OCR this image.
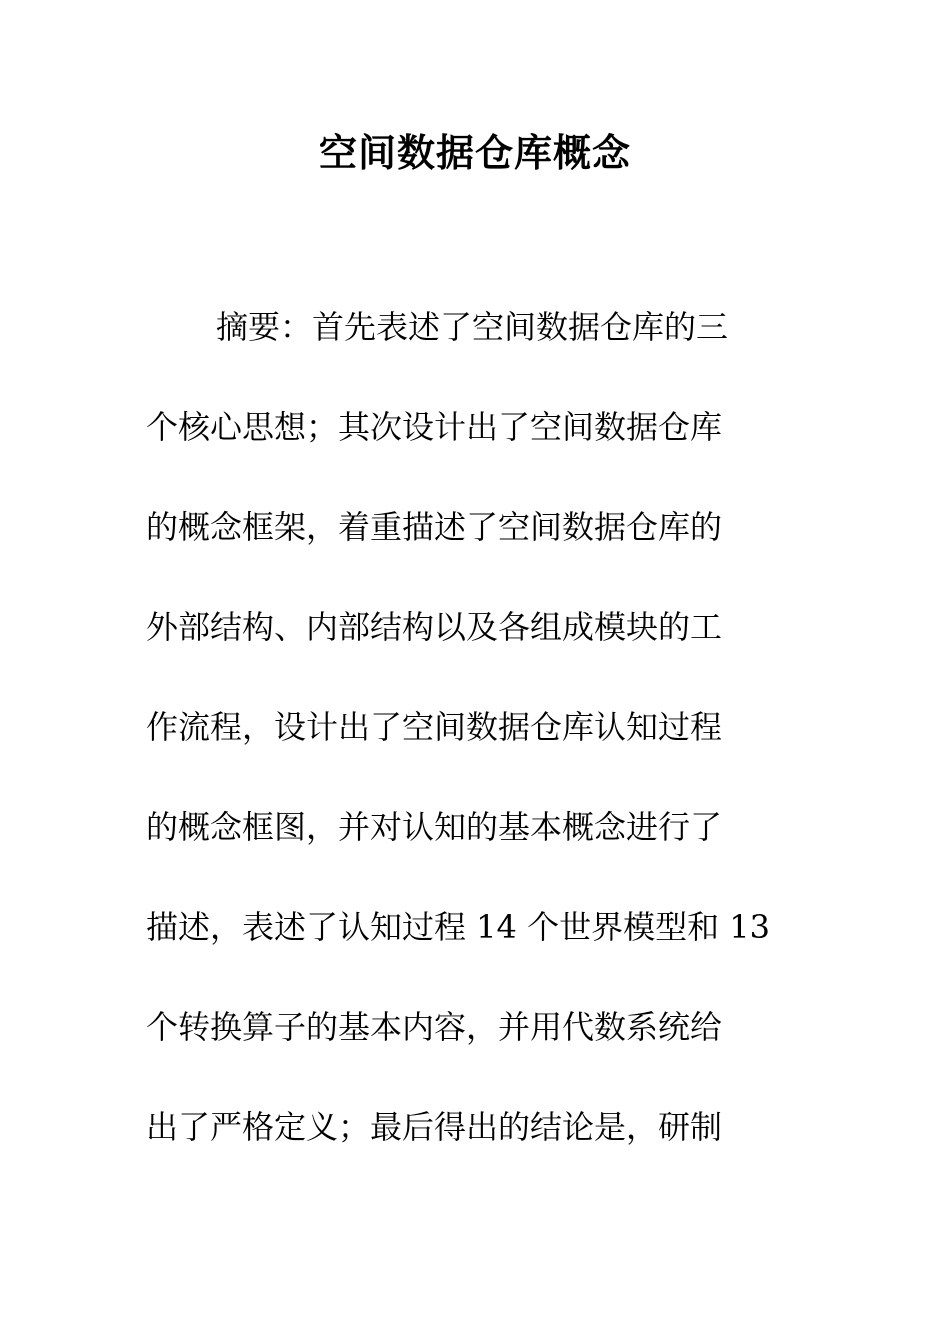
空间数据仓库概念
摘要：首先表述了空间数据仓库的三
个核心思想；其次设计出了空间数据仓库
的概念框架，着重描述了空间数据仓库的
外部结构、内部结构以及各组成模块的工
作流程，设计出了空间数据仓库认知过程
的概念框图，并对认知的基本概念进行了
描述，表述了认知过程 14 个世界模型和 13
个转换算子的基本内容，并用代数系统给
出了严格定义；最后得出的结论是，研制
